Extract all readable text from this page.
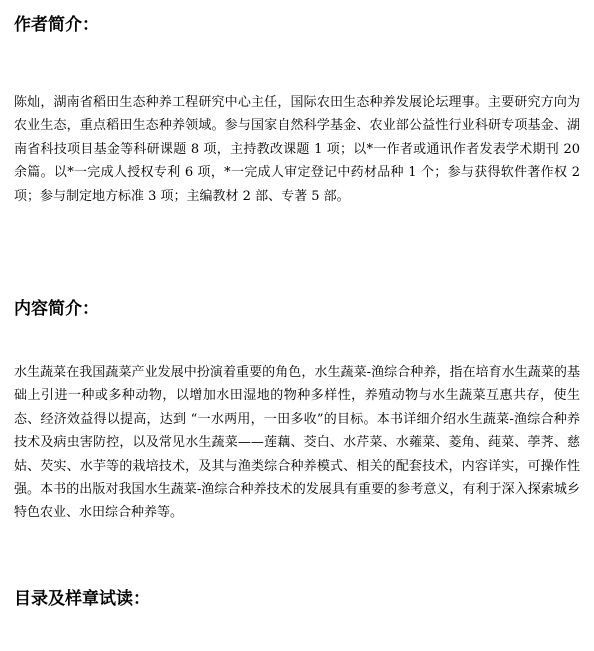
作者简介：

陈灿，湖南省稻田生态种养工程研究中心主任，国际农田生态种养发展论坛理事。主要研究方向为农业生态，重点稻田生态种养领域。参与国家自然科学基金、农业部公益性行业科研专项基金、湖南省科技项目基金等科研课题 8 项，主持教改课题 1 项；以*一作者或通讯作者发表学术期刊 20 余篇。以*一完成人授权专利 6 项，*一完成人审定登记中药材品种 1 个；参与获得软件著作权 2 项；参与制定地方标准 3 项；主编教材 2 部、专著 5 部。

内容简介：

水生蔬菜在我国蔬菜产业发展中扮演着重要的角色，水生蔬菜-渔综合种养，指在培育水生蔬菜的基础上引进一种或多种动物，以增加水田湿地的物种多样性，养殖动物与水生蔬菜互惠共存，使生态、经济效益得以提高，达到 “一水两用，一田多收”的目标。本书详细介绍水生蔬菜-渔综合种养技术及病虫害防控，以及常见水生蔬菜——莲藕、茭白、水芹菜、水蕹菜、菱角、莼菜、荸荠、慈姑、芡实、水芋等的栽培技术，及其与渔类综合种养模式、相关的配套技术，内容详实，可操作性强。本书的出版对我国水生蔬菜-渔综合种养技术的发展具有重要的参考意义，有利于深入探索城乡特色农业、水田综合种养等。

目录及样章试读：
